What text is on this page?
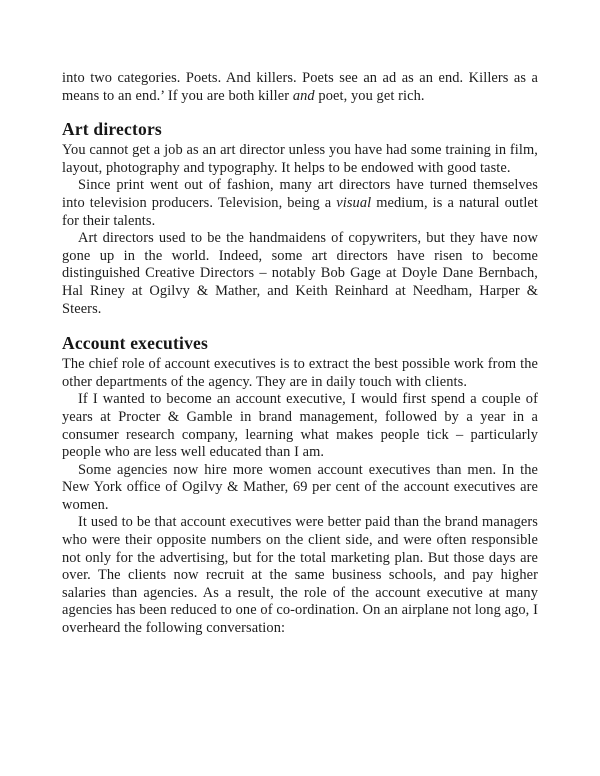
into two categories. Poets. And killers. Poets see an ad as an end. Killers as a means to an end.’ If you are both killer and poet, you get rich.

Art directors

You cannot get a job as an art director unless you have had some training in film, layout, photography and typography. It helps to be endowed with good taste.

Since print went out of fashion, many art directors have turned themselves into television producers. Television, being a visual medium, is a natural outlet for their talents.

Art directors used to be the handmaidens of copywriters, but they have now gone up in the world. Indeed, some art directors have risen to become distinguished Creative Directors – notably Bob Gage at Doyle Dane Bernbach, Hal Riney at Ogilvy & Mather, and Keith Reinhard at Needham, Harper & Steers.

Account executives

The chief role of account executives is to extract the best possible work from the other departments of the agency. They are in daily touch with clients.

If I wanted to become an account executive, I would first spend a couple of years at Procter & Gamble in brand management, followed by a year in a consumer research company, learning what makes people tick – particularly people who are less well educated than I am.

Some agencies now hire more women account executives than men. In the New York office of Ogilvy & Mather, 69 per cent of the account executives are women.

It used to be that account executives were better paid than the brand managers who were their opposite numbers on the client side, and were often responsible not only for the advertising, but for the total marketing plan. But those days are over. The clients now recruit at the same business schools, and pay higher salaries than agencies. As a result, the role of the account executive at many agencies has been reduced to one of co-ordination. On an airplane not long ago, I overheard the following conversation:
